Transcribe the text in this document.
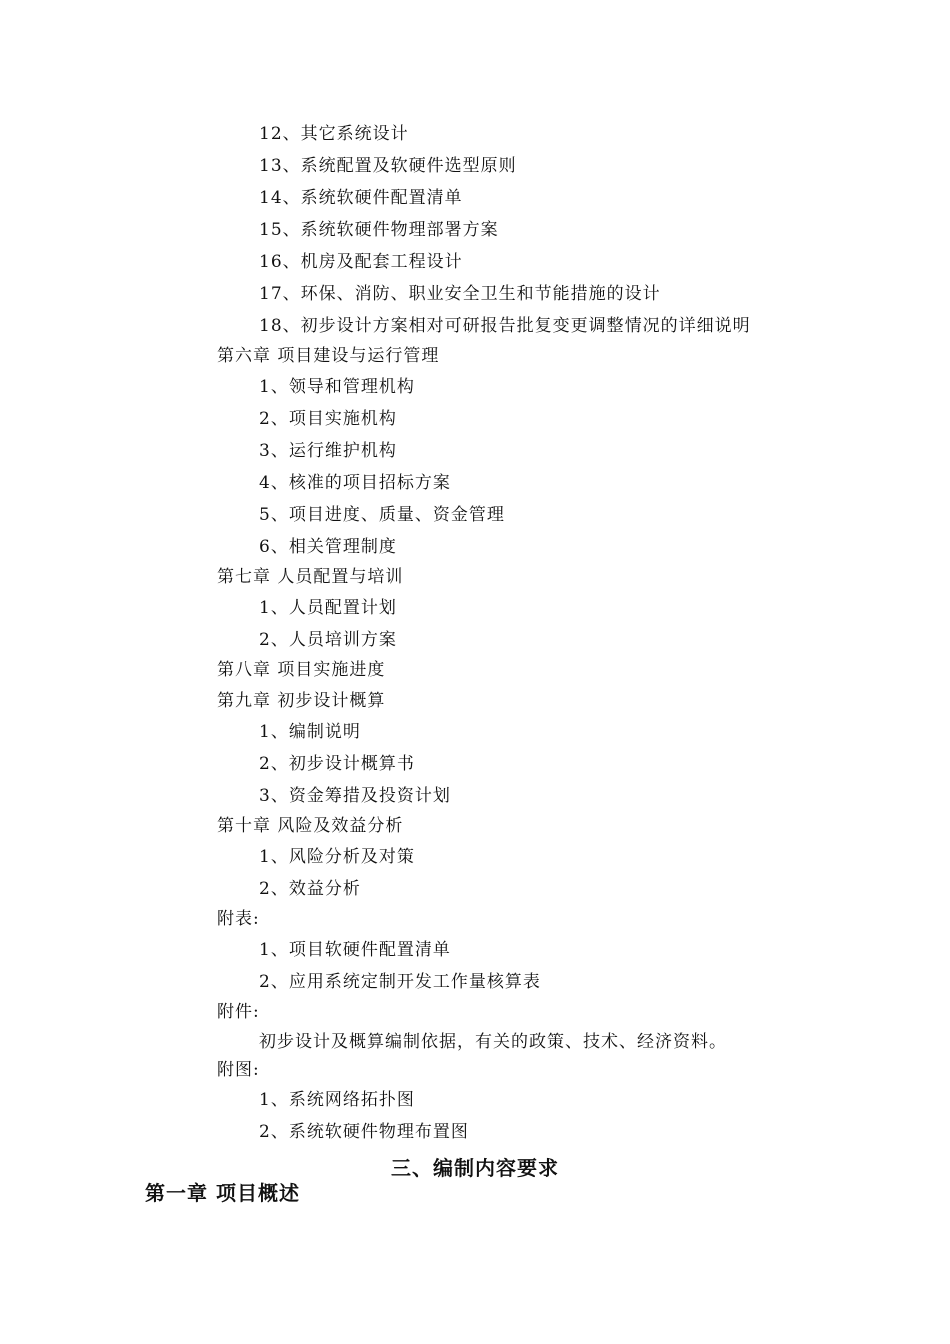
12、其它系统设计
13、系统配置及软硬件选型原则
14、系统软硬件配置清单
15、系统软硬件物理部署方案
16、机房及配套工程设计
17、环保、消防、职业安全卫生和节能措施的设计
18、初步设计方案相对可研报告批复变更调整情况的详细说明
第六章 项目建设与运行管理
1、领导和管理机构
2、项目实施机构
3、运行维护机构
4、核准的项目招标方案
5、项目进度、质量、资金管理
6、相关管理制度
第七章 人员配置与培训
1、人员配置计划
2、人员培训方案
第八章 项目实施进度
第九章 初步设计概算
1、编制说明
2、初步设计概算书
3、资金筹措及投资计划
第十章 风险及效益分析
1、风险分析及对策
2、效益分析
附表:
1、项目软硬件配置清单
2、应用系统定制开发工作量核算表
附件:
初步设计及概算编制依据，有关的政策、技术、经济资料。
附图:
1、系统网络拓扑图
2、系统软硬件物理布置图
三、编制内容要求
第一章 项目概述
